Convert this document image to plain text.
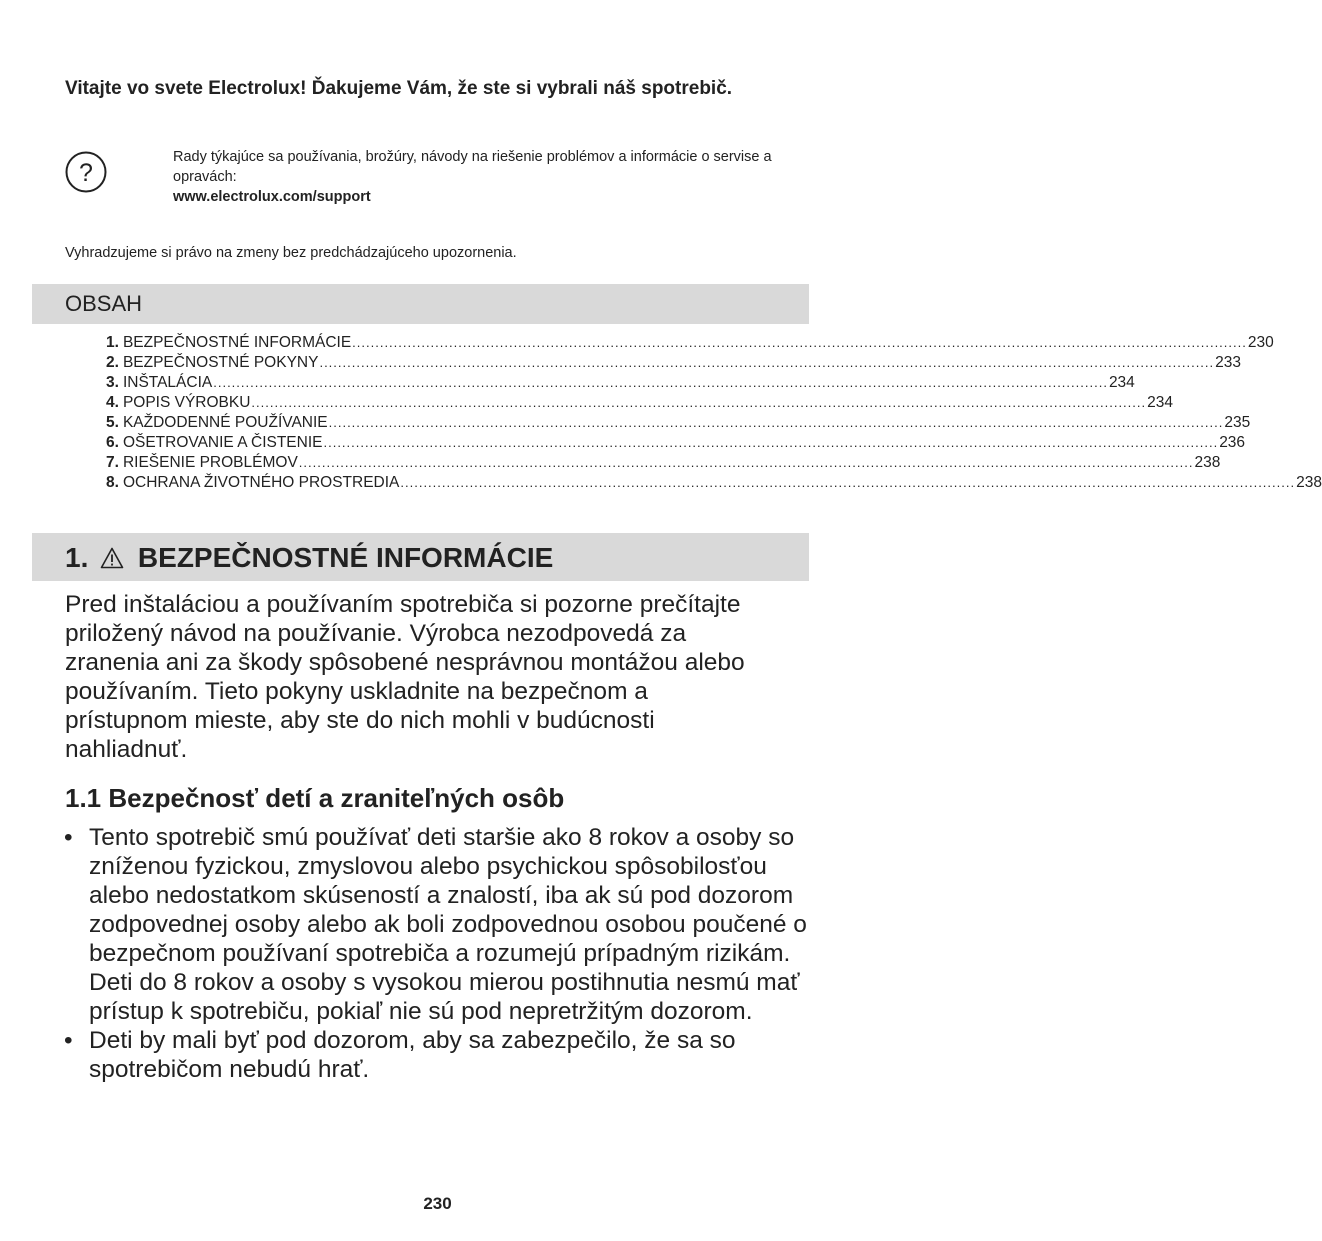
Vitajte vo svete Electrolux! Ďakujeme Vám, že ste si vybrali náš spotrebič.

?
Rady týkajúce sa používania, brožúry, návody na riešenie problémov a informácie o servise a opravách:
www.electrolux.com/support
Vyhradzujeme si právo na zmeny bez predchádzajúceho upozornenia.
OBSAH
1. BEZPEČNOSTNÉ INFORMÁCIE .................................................................................................................................................................................................. 230
2. BEZPEČNOSTNÉ POKYNY .................................................................................................................................................................................................. 233
3. INŠTALÁCIA .................................................................................................................................................................................................. 234
4. POPIS VÝROBKU .................................................................................................................................................................................................. 234
5. KAŽDODENNÉ POUŽÍVANIE .................................................................................................................................................................................................. 235
6. OŠETROVANIE A ČISTENIE .................................................................................................................................................................................................. 236
7. RIEŠENIE PROBLÉMOV .................................................................................................................................................................................................. 238
8. OCHRANA ŽIVOTNÉHO PROSTREDIA .................................................................................................................................................................................................. 238
1. BEZPEČNOSTNÉ INFORMÁCIE

Pred inštaláciou a používaním spotrebiča si pozorne prečítajte priložený návod na používanie. Výrobca nezodpovedá za zranenia ani za škody spôsobené nesprávnou montážou alebo používaním. Tieto pokyny uskladnite na bezpečnom a prístupnom mieste, aby ste do nich mohli v budúcnosti nahliadnuť.

1.1 Bezpečnosť detí a zraniteľných osôb
• Tento spotrebič smú používať deti staršie ako 8 rokov a osoby so zníženou fyzickou, zmyslovou alebo psychickou spôsobilosťou alebo nedostatkom skúseností a znalostí, iba ak sú pod dozorom zodpovednej osoby alebo ak boli zodpovednou osobou poučené o bezpečnom používaní spotrebiča a rozumejú prípadným rizikám. Deti do 8 rokov a osoby s vysokou mierou postihnutia nesmú mať prístup k spotrebiču, pokiaľ nie sú pod nepretržitým dozorom.
• Deti by mali byť pod dozorom, aby sa zabezpečilo, že sa so spotrebičom nebudú hrať.
230
